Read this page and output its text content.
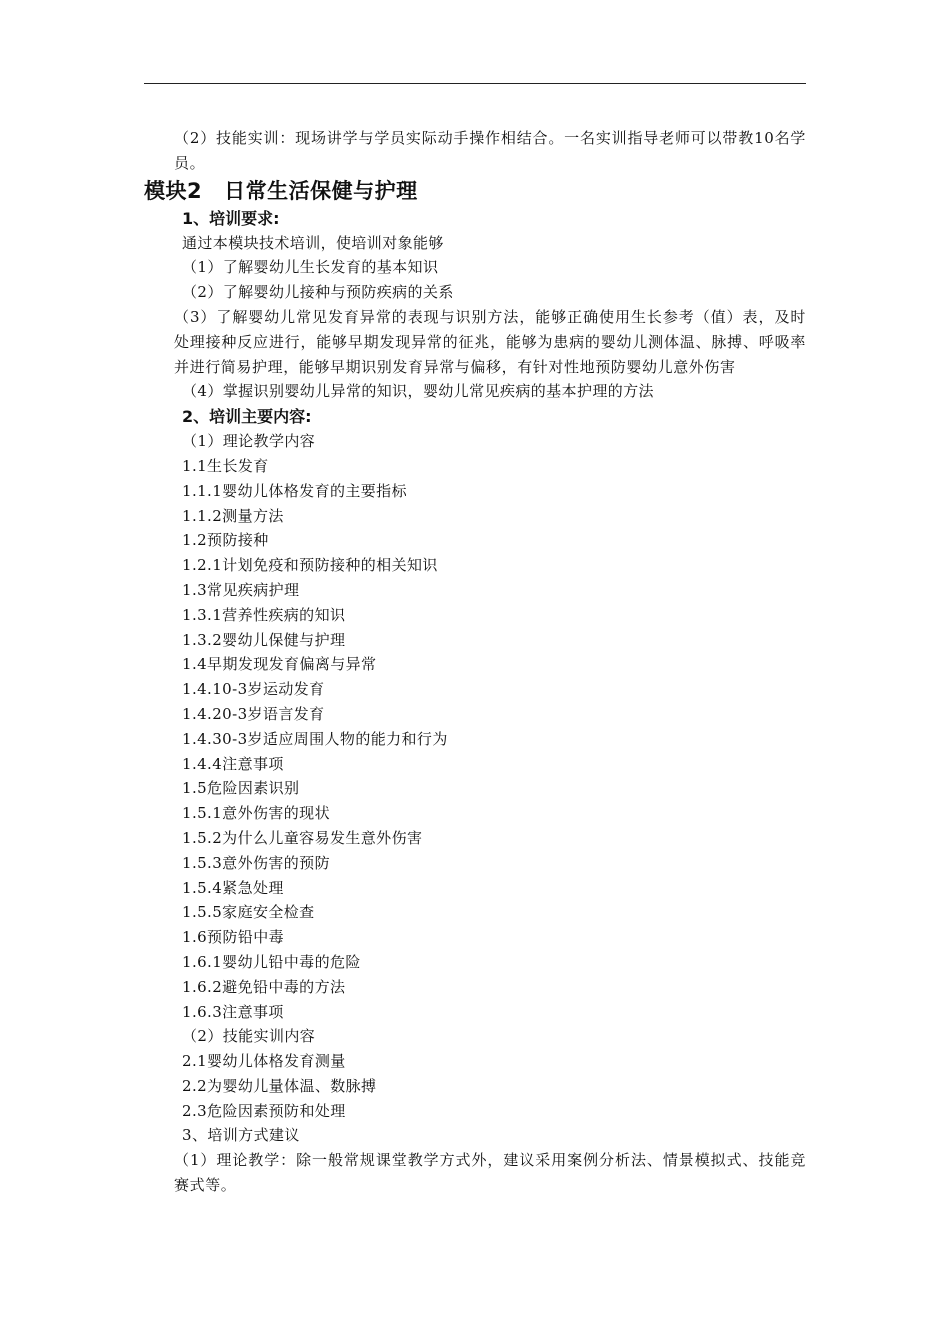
（2）技能实训：现场讲学与学员实际动手操作相结合。一名实训指导老师可以带教10名学员。

模块2 日常生活保健与护理
1、培训要求:

通过本模块技术培训，使培训对象能够

（1）了解婴幼儿生长发育的基本知识

（2）了解婴幼儿接种与预防疾病的关系

（3）了解婴幼儿常见发育异常的表现与识别方法，能够正确使用生长参考（值）表，及时处理接种反应进行，能够早期发现异常的征兆，能够为患病的婴幼儿测体温、脉搏、呼吸率并进行简易护理，能够早期识别发育异常与偏移，有针对性地预防婴幼儿意外伤害

（4）掌握识别婴幼儿异常的知识，婴幼儿常见疾病的基本护理的方法

2、培训主要内容:

（1）理论教学内容

1.1生长发育
1.1.1婴幼儿体格发育的主要指标
1.1.2测量方法
1.2预防接种
1.2.1计划免疫和预防接种的相关知识
1.3常见疾病护理
1.3.1营养性疾病的知识
1.3.2婴幼儿保健与护理
1.4早期发现发育偏离与异常
1.4.10-3岁运动发育
1.4.20-3岁语言发育
1.4.30-3岁适应周围人物的能力和行为
1.4.4注意事项
1.5危险因素识别
1.5.1意外伤害的现状
1.5.2为什么儿童容易发生意外伤害
1.5.3意外伤害的预防
1.5.4紧急处理
1.5.5家庭安全检查
1.6预防铅中毒
1.6.1婴幼儿铅中毒的危险
1.6.2避免铅中毒的方法
1.6.3注意事项

（2）技能实训内容

2.1婴幼儿体格发育测量
2.2为婴幼儿量体温、数脉搏
2.3危险因素预防和处理

3、培训方式建议

（1）理论教学：除一般常规课堂教学方式外，建议采用案例分析法、情景模拟式、技能竞赛式等。
